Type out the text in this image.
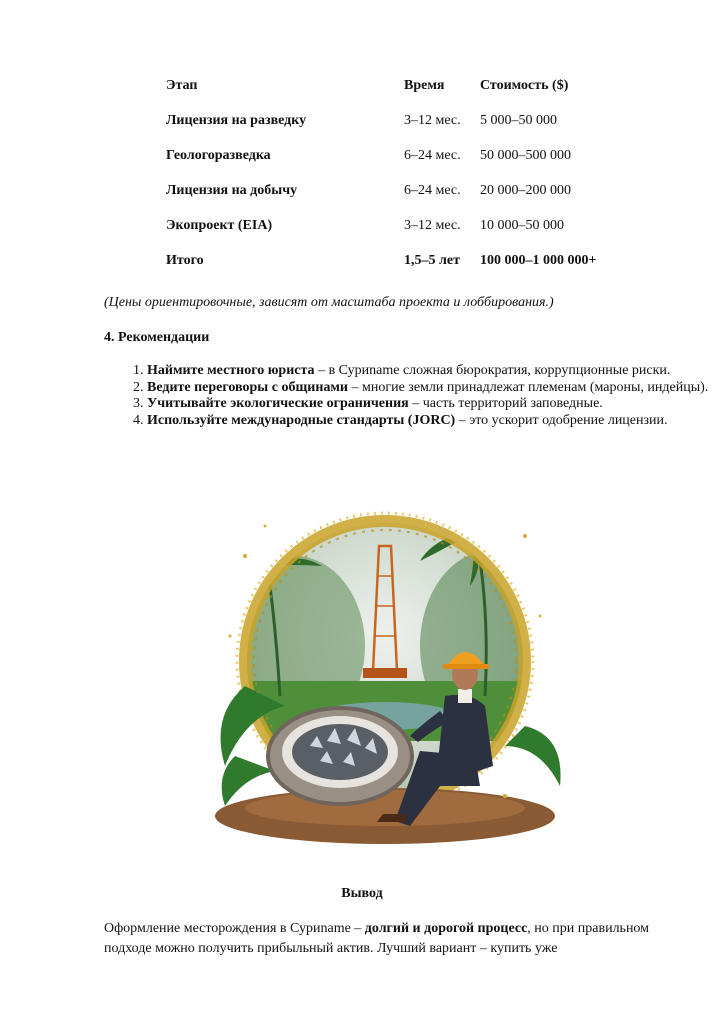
Этап	Время	Стоимость ($)
Лицензия на разведку	3–12 мес.	5 000–50 000
Геологоразведка	6–24 мес.	50 000–500 000
Лицензия на добычу	6–24 мес.	20 000–200 000
Экопроект (EIA)	3–12 мес.	10 000–50 000
Итого	1,5–5 лет	100 000–1 000 000+
(Цены ориентировочные, зависят от масштаба проекта и лоббирования.)
4. Рекомендации
1. Наймите местного юриста – в Суриname сложная бюрократия, коррупционные риски.
2. Ведите переговоры с общинами – многие земли принадлежат племенам (мароны, индейцы).
3. Учитывайте экологические ограничения – часть территорий заповедные.
4. Используйте международные стандарты (JORC) – это ускорит одобрение лицензии.
Вывод
Оформление месторождения в Суриname – долгий и дорогой процесс, но при правильном подходе можно получить прибыльный актив. Лучший вариант – купить уже
